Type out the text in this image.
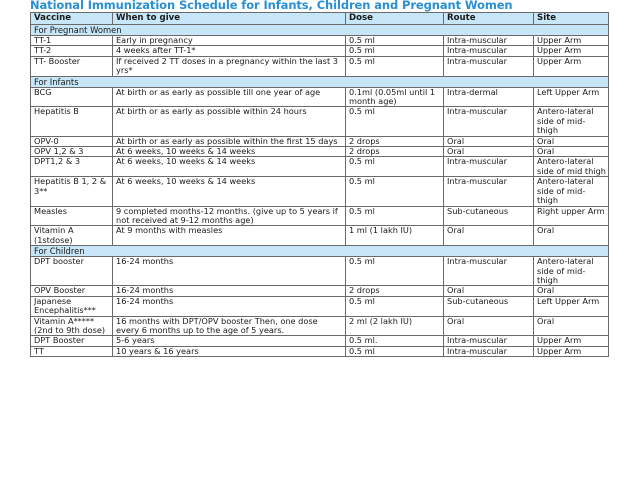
National Immunization Schedule for Infants, Children and Pregnant Women
Vaccine	When to give	Dose	Route	Site
For Pregnant Women				
TT-1	Early in pregnancy	0.5 ml	Intra-muscular	Upper Arm
TT-2	4 weeks after TT-1*	0.5 ml	Intra-muscular	Upper Arm
TT- Booster	If received 2 TT doses in a pregnancy within the last 3 yrs*	0.5 ml	Intra-muscular	Upper Arm
For Infants				
BCG	At birth or as early as possible till one year of age	0.1ml (0.05ml until 1 month age)	Intra-dermal	Left Upper Arm
Hepatitis B	At birth or as early as possible within 24 hours	0.5 ml	Intra-muscular	Antero-lateral side of mid-thigh
OPV-0	At birth or as early as possible within the first 15 days	2 drops	Oral	Oral
OPV 1,2 & 3	At 6 weeks, 10 weeks & 14 weeks	2 drops	Oral	Oral
DPT1,2 & 3	At 6 weeks, 10 weeks & 14 weeks	0.5 ml	Intra-muscular	Antero-lateral side of mid thigh
Hepatitis B 1, 2 & 3**	At 6 weeks, 10 weeks & 14 weeks	0.5 ml	Intra-muscular	Antero-lateral side of mid-thigh
Measles	9 completed months-12 months. (give up to 5 years if not received at 9-12 months age)	0.5 ml	Sub-cutaneous	Right upper Arm
Vitamin A (1stdose)	At 9 months with measles	1 ml (1 lakh IU)	Oral	Oral
For Children				
DPT booster	16-24 months	0.5 ml	Intra-muscular	Antero-lateral side of mid-thigh
OPV Booster	16-24 months	2 drops	Oral	Oral
Japanese Encephalitis***	16-24 months	0.5 ml	Sub-cutaneous	Left Upper Arm
Vitamin A***** (2nd to 9th dose)	16 months with DPT/OPV booster Then, one dose every 6 months up to the age of 5 years.	2 ml (2 lakh IU)	Oral	Oral
DPT Booster	5-6 years	0.5 ml.	Intra-muscular	Upper Arm
TT	10 years & 16 years	0.5 ml	Intra-muscular	Upper Arm
